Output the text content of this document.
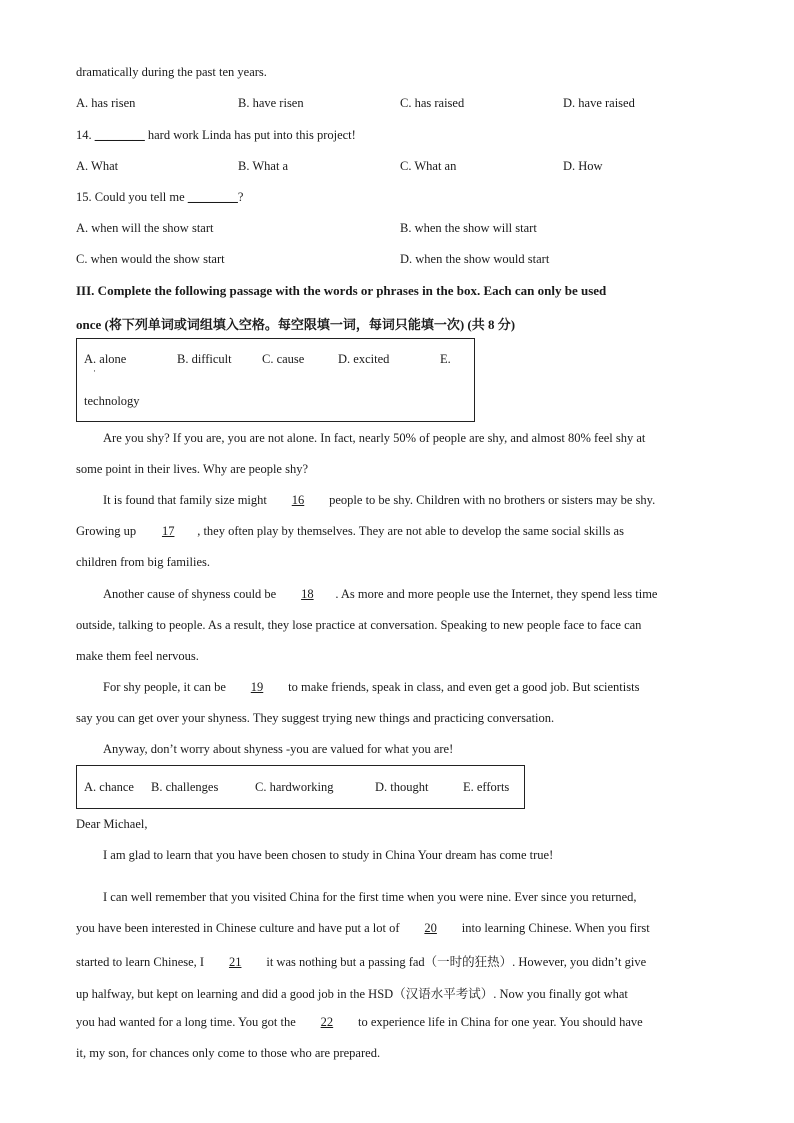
dramatically during the past ten years.
A. has risen	B. have risen	C. has raised	D. have raised
14. ________ hard work Linda has put into this project!
A. What	B. What a	C. What an	D. How
15. Could you tell me ________?
A. when will the show start	B. when the show will start
C. when would the show start	D. when the show would start
III. Complete the following passage with the words or phrases in the box. Each can only be used
once (将下列单词或词组填入空格。每空限填一词，每词只能填一次) (共 8 分)
A. alone
·
B. difficult C. cause	D. excited	E.
technology
Are you shy? If you are, you are not alone. In fact, nearly 50% of people are shy, and almost 80% feel shy at
some point in their lives. Why are people shy?
It is found that family size might 16 people to be shy. Children with no brothers or sisters may be shy.
Growing up 17 , they often play by themselves. They are not able to develop the same social skills as
children from big families.
Another cause of shyness could be 18 . As more and more people use the Internet, they spend less time
outside, talking to people. As a result, they lose practice at conversation. Speaking to new people face to face can
make them feel nervous.
For shy people, it can be 19 to make friends, speak in class, and even get a good job. But scientists
say you can get over your shyness. They suggest trying new things and practicing conversation.
Anyway, don’t worry about shyness -you are valued for what you are!
A. chance B. challenges	C. hardworking	D. thought	E. efforts
Dear Michael,
I am glad to learn that you have been chosen to study in China Your dream has come true!
I can well remember that you visited China for the first time when you were nine. Ever since you returned,
you have been interested in Chinese culture and have put a lot of 20 into learning Chinese. When you first
started to learn Chinese, I 21 it was nothing but a passing fad（一时的狂热）. However, you didn’t give
up halfway, but kept on learning and did a good job in the HSD（汉语水平考试）. Now you finally got what
you had wanted for a long time. You got the 22 to experience life in China for one year. You should have
it, my son, for chances only come to those who are prepared.
